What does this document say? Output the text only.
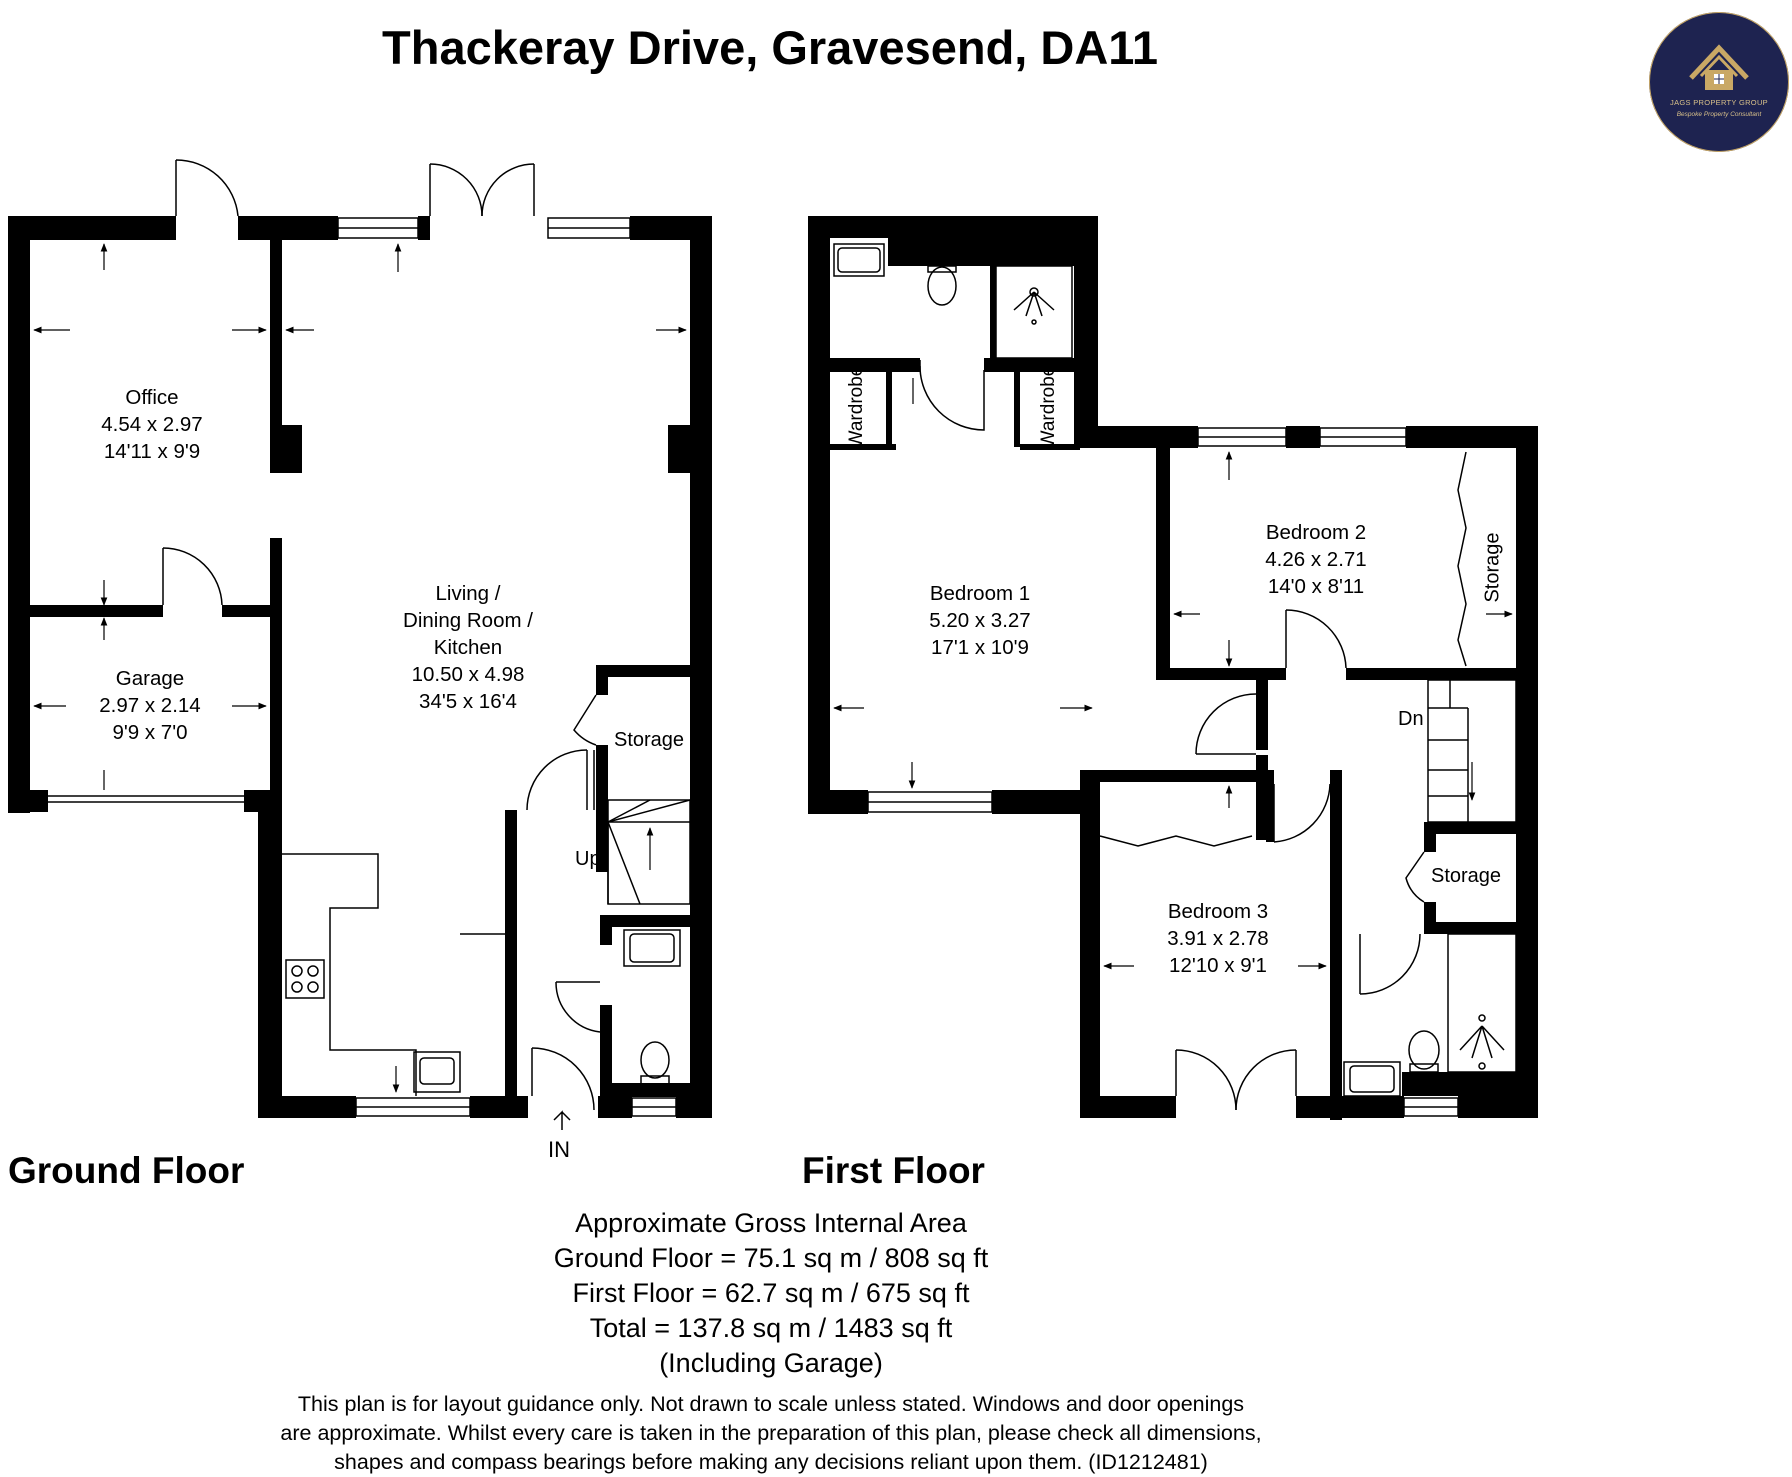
JAGS PROPERTY GROUP
Bespoke Property Consultant
Thackeray Drive, Gravesend, DA11
Office
4.54 x 2.97
14'11 x 9'9
Living /
Dining Room /
Kitchen
10.50 x 4.98
34'5 x 16'4
Garage
2.97 x 2.14
9'9 x 7'0	Storage
Up
IN
Bedroom 1
5.20 x 3.27
17'1 x 10'9
Bedroom 2
4.26 x 2.71
14'0 x 8'11
Bedroom 3
3.91 x 2.78
12'10 x 9'1
Wardrobe	Wardrobe
Storage
Storage
Dn
Ground Floor	First Floor
Approximate Gross Internal Area
Ground Floor = 75.1 sq m / 808 sq ft
First Floor = 62.7 sq m / 675 sq ft
Total = 137.8 sq m / 1483 sq ft
(Including Garage)
This plan is for layout guidance only. Not drawn to scale unless stated. Windows and door openings
are approximate. Whilst every care is taken in the preparation of this plan, please check all dimensions,
shapes and compass bearings before making any decisions reliant upon them. (ID1212481)
